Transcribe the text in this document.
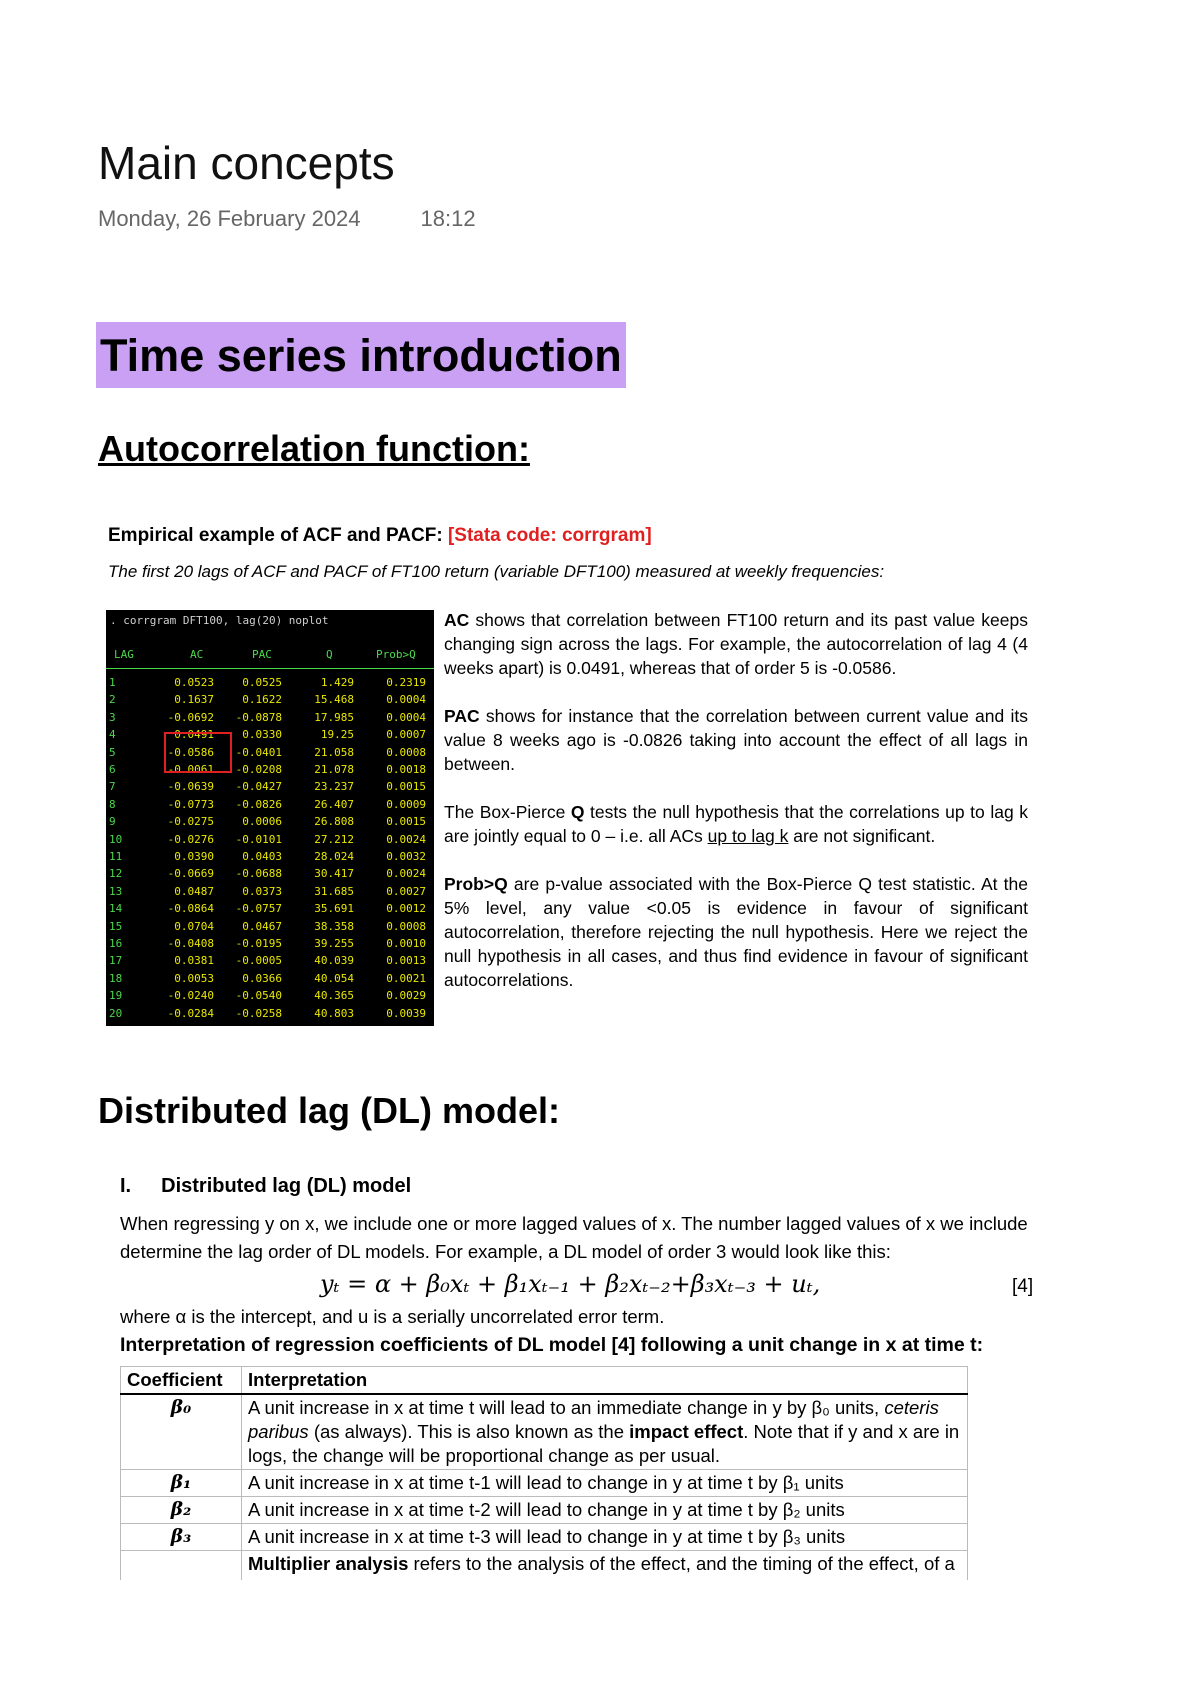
Main concepts
Monday, 26 February 2024	18:12
Time series introduction
Autocorrelation function:
Empirical example of ACF and PACF: [Stata code: corrgram]
The first 20 lags of ACF and PACF of FT100 return (variable DFT100) measured at weekly frequencies:
. corrgram DFT100, lag(20) noplot
LAG	AC	PAC	Q	Prob>Q
1	0.0523	0.0525	1.429	0.2319
2	0.1637	0.1622	15.468	0.0004
3	-0.0692 -0.0878	17.985	0.0004
4	0.0491	0.0330	19.25	0.0007
5	-0.0586 -0.0401	21.058	0.0008
6	-0.0061 -0.0208	21.078	0.0018
7	-0.0639 -0.0427	23.237	0.0015
8	-0.0773 -0.0826	26.407	0.0009
9	-0.0275	0.0006	26.808	0.0015
10	-0.0276 -0.0101	27.212	0.0024
11	0.0390	0.0403	28.024	0.0032
12	-0.0669 -0.0688	30.417	0.0024
13	0.0487	0.0373	31.685	0.0027
14	-0.0864 -0.0757	35.691	0.0012
15	0.0704	0.0467	38.358	0.0008
16	-0.0408 -0.0195	39.255	0.0010
17	0.0381 -0.0005	40.039	0.0013
18	0.0053	0.0366	40.054	0.0021
19	-0.0240 -0.0540	40.365	0.0029
20	-0.0284 -0.0258	40.803	0.0039

AC shows that correlation between FT100 return and its past value keeps changing sign across the lags. For example, the autocorrelation of lag 4 (4 weeks apart) is 0.0491, whereas that of order 5 is -0.0586.

PAC shows for instance that the correlation between current value and its value 8 weeks ago is -0.0826 taking into account the effect of all lags in between.

The Box-Pierce Q tests the null hypothesis that the correlations up to lag k are jointly equal to 0 – i.e. all ACs up to lag k are not significant.

Prob>Q are p-value associated with the Box-Pierce Q test statistic. At the 5% level, any value <0.05 is evidence in favour of significant autocorrelation, therefore rejecting the null hypothesis. Here we reject the null hypothesis in all cases, and thus find evidence in favour of significant autocorrelations.

Distributed lag (DL) model:
I. Distributed lag (DL) model
When regressing y on x, we include one or more lagged values of x. The number lagged values of x we include determine the lag order of DL models. For example, a DL model of order 3 would look like this:
yₜ = α + β₀xₜ + β₁xₜ₋₁ + β₂xₜ₋₂+β₃xₜ₋₃ + uₜ,	[4]
where α is the intercept, and u is a serially uncorrelated error term.
Interpretation of regression coefficients of DL model [4] following a unit change in x at time t:
Coefficient	Interpretation
β₀	A unit increase in x at time t will lead to an immediate change in y by β₀ units, ceteris paribus (as always). This is also known as the impact effect. Note that if y and x are in logs, the change will be proportional change as per usual.
β₁	A unit increase in x at time t-1 will lead to change in y at time t by β₁ units
β₂	A unit increase in x at time t-2 will lead to change in y at time t by β₂ units
β₃	A unit increase in x at time t-3 will lead to change in y at time t by β₃ units
	Multiplier analysis refers to the analysis of the effect, and the timing of the effect, of a
